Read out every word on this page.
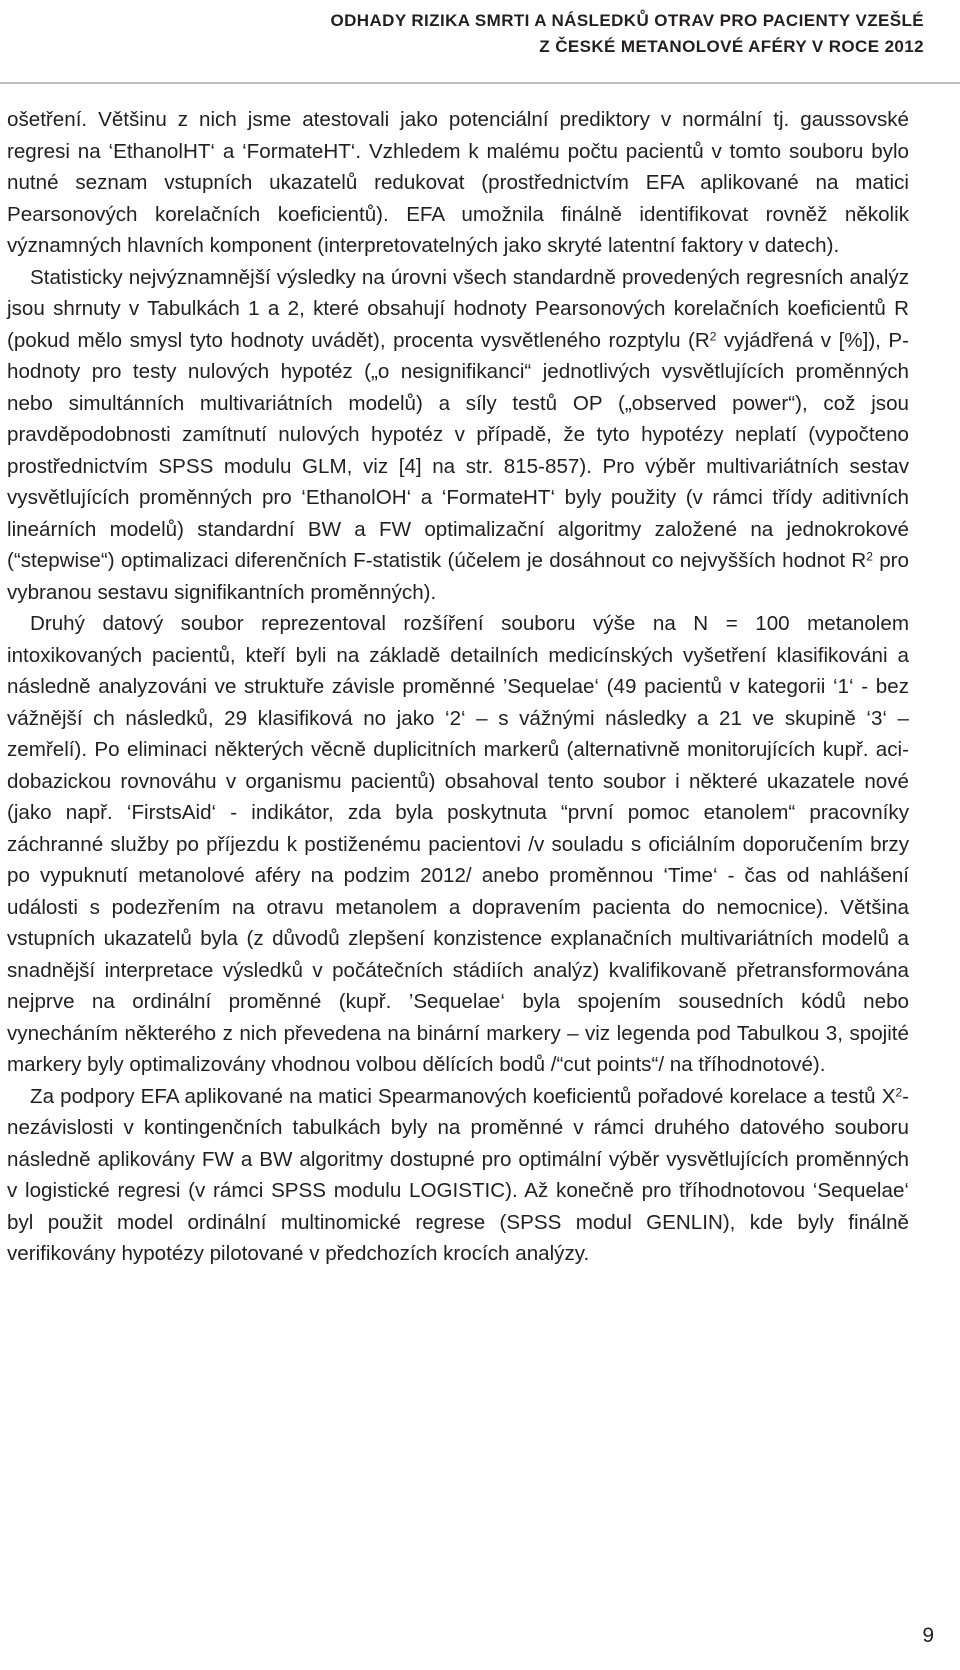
ODHADY RIZIKA SMRTI A NÁSLEDKŮ OTRAV PRO PACIENTY VZEŠLÉ
Z ČESKÉ METANOLOVÉ AFÉRY V ROCE 2012

ošetření. Většinu z nich jsme atestovali jako potenciální prediktory v normální tj. gaussovské regresi na ‘EthanolHT‘ a ‘FormateHT‘. Vzhledem k malému počtu pacientů v tomto souboru bylo nutné seznam vstupních ukazatelů redukovat (prostřednictvím EFA aplikované na matici Pearsonových korelačních koeficientů). EFA umožnila finálně identifikovat rovněž několik významných hlavních komponent (interpretovatelných jako skryté latentní faktory v datech).

Statisticky nejvýznamnější výsledky na úrovni všech standardně provedených regresních analýz jsou shrnuty v Tabulkách 1 a 2, které obsahují hodnoty Pearsonových korelačních koeficientů R (pokud mělo smysl tyto hodnoty uvádět), procenta vysvětleného rozptylu ($R^2$ vyjádřená v [%]), P-hodnoty pro testy nulových hypotéz („o nesignifikanci“ jednotlivých vysvětlujících proměnných nebo simultánních multivariátních modelů) a síly testů OP („observed power“), což jsou pravděpodobnosti zamítnutí nulových hypotéz v případě, že tyto hypotézy neplatí (vypočteno prostřednictvím SPSS modulu GLM, viz [4] na str. 815-857). Pro výběr multivariátních sestav vysvětlujících proměnných pro ‘EthanolOH‘ a ‘FormateHT‘ byly použity (v rámci třídy aditivních lineárních modelů) standardní BW a FW optimalizační algoritmy založené na jednokrokové (“stepwise“) optimalizaci diferenčních F-statistik (účelem je dosáhnout co nejvyšších hodnot $R^2$ pro vybranou sestavu signifikantních proměnných).

Druhý datový soubor reprezentoval rozšíření souboru výše na N = 100 metanolem intoxikovaných pacientů, kteří byli na základě detailních medicínských vyšetření klasifikováni a následně analyzováni ve struktuře závisle proměnné ’Sequelae‘ (49 pacientů v kategorii ‘1‘ - bez vážnější ch následků, 29 klasifiková no jako ‘2‘ – s vážnými následky a 21 ve skupině ‘3‘ – zemřelí). Po eliminaci některých věcně duplicitních markerů (alternativně monitorujících kupř. acidobazickou rovnováhu v organismu pacientů) obsahoval tento soubor i některé ukazatele nové (jako např. ‘FirstsAid‘ - indikátor, zda byla poskytnuta “první pomoc etanolem“ pracovníky záchranné služby po příjezdu k postiženému pacientovi /v souladu s oficiálním doporučením brzy po vypuknutí metanolové aféry na podzim 2012/ anebo proměnnou ‘Time‘ - čas od nahlášení události s podezřením na otravu metanolem a dopravením pacienta do nemocnice). Většina vstupních ukazatelů byla (z důvodů zlepšení konzistence explanačních multivariátních modelů a snadnější interpretace výsledků v počátečních stádiích analýz) kvalifikovaně přetransformována nejprve na ordinální proměnné (kupř. ’Sequelae‘ byla spojením sousedních kódů nebo vynecháním některého z nich převedena na binární markery – viz legenda pod Tabulkou 3, spojité markery byly optimalizovány vhodnou volbou dělících bodů /“cut points“/ na tříhodnotové).

Za podpory EFA aplikované na matici Spearmanových koeficientů pořadové korelace a testů $X^2$-nezávislosti v kontingenčních tabulkách byly na proměnné v rámci druhého datového souboru následně aplikovány FW a BW algoritmy dostupné pro optimální výběr vysvětlujících proměnných v logistické regresi (v rámci SPSS modulu LOGISTIC). Až konečně pro tříhodnotovou ‘Sequelae‘ byl použit model ordinální multinomické regrese (SPSS modul GENLIN), kde byly finálně verifikovány hypotézy pilotované v předchozích krocích analýzy.

9
